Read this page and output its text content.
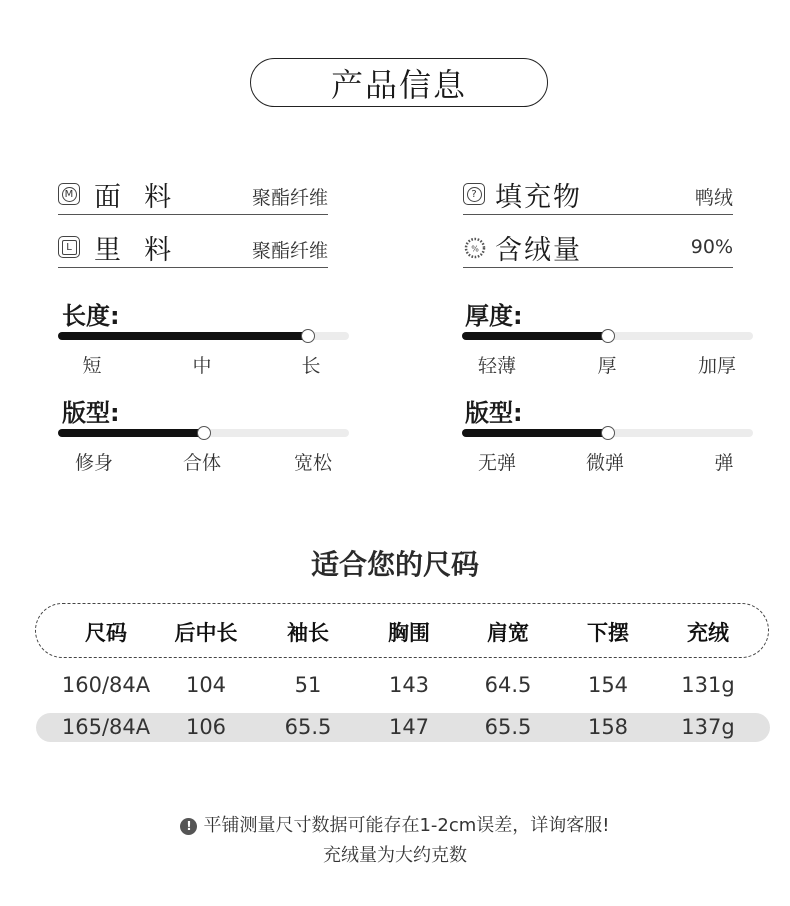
产品信息
M 面  料	聚酯纤维
L 里  料	聚酯纤维
? 填充物	鸭绒
% 含绒量	90%
长度:
短	中	长
厚度:
轻薄	厚	加厚
版型:
修身	合体	宽松
版型:
无弹	微弹	弹
适合您的尺码
尺码 后中长 袖长	胸围	肩宽	下摆	充绒
160/84A 104	51	143	64.5	154	131g
165/84A 106	65.5	147	65.5	158	137g
! 平铺测量尺寸数据可能存在1-2cm误差，详询客服!
充绒量为大约克数
